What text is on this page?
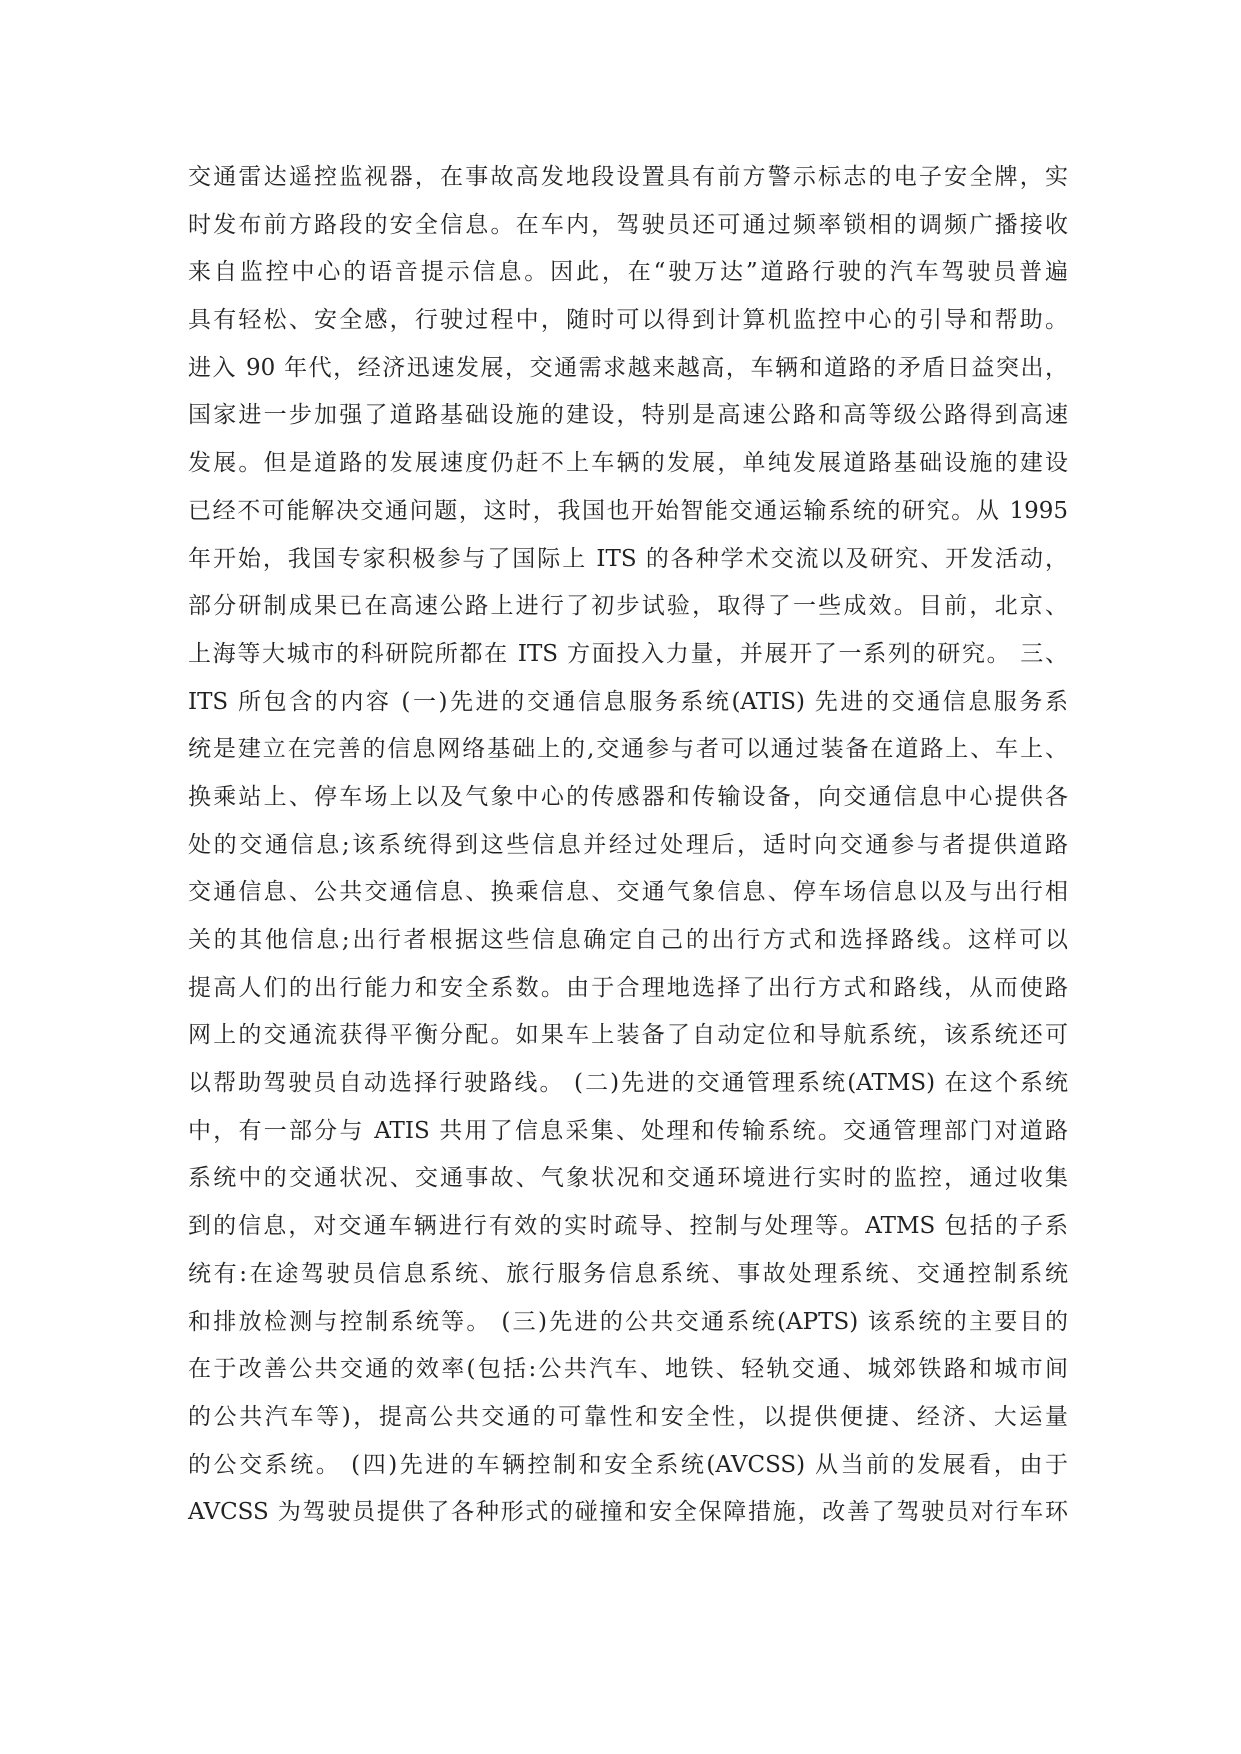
交通雷达遥控监视器，在事故高发地段设置具有前方警示标志的电子安全牌，实
时发布前方路段的安全信息。在车内，驾驶员还可通过频率锁相的调频广播接收
来自监控中心的语音提示信息。因此，在“驶万达”道路行驶的汽车驾驶员普遍
具有轻松、安全感，行驶过程中，随时可以得到计算机监控中心的引导和帮助。
进入 90 年代，经济迅速发展，交通需求越来越高，车辆和道路的矛盾日益突出，
国家进一步加强了道路基础设施的建设，特别是高速公路和高等级公路得到高速
发展。但是道路的发展速度仍赶不上车辆的发展，单纯发展道路基础设施的建设
已经不可能解决交通问题，这时，我国也开始智能交通运输系统的研究。从 1995
年开始，我国专家积极参与了国际上 ITS 的各种学术交流以及研究、开发活动，
部分研制成果已在高速公路上进行了初步试验，取得了一些成效。目前，北京、
上海等大城市的科研院所都在 ITS 方面投入力量，并展开了一系列的研究。 三、
ITS 所包含的内容 (一)先进的交通信息服务系统(ATIS) 先进的交通信息服务系
统是建立在完善的信息网络基础上的,交通参与者可以通过装备在道路上、车上、
换乘站上、停车场上以及气象中心的传感器和传输设备，向交通信息中心提供各
处的交通信息;该系统得到这些信息并经过处理后，适时向交通参与者提供道路
交通信息、公共交通信息、换乘信息、交通气象信息、停车场信息以及与出行相
关的其他信息;出行者根据这些信息确定自己的出行方式和选择路线。这样可以
提高人们的出行能力和安全系数。由于合理地选择了出行方式和路线，从而使路
网上的交通流获得平衡分配。如果车上装备了自动定位和导航系统，该系统还可
以帮助驾驶员自动选择行驶路线。 (二)先进的交通管理系统(ATMS) 在这个系统
中，有一部分与 ATIS 共用了信息采集、处理和传输系统。交通管理部门对道路
系统中的交通状况、交通事故、气象状况和交通环境进行实时的监控，通过收集
到的信息，对交通车辆进行有效的实时疏导、控制与处理等。ATMS 包括的子系
统有:在途驾驶员信息系统、旅行服务信息系统、事故处理系统、交通控制系统
和排放检测与控制系统等。 (三)先进的公共交通系统(APTS) 该系统的主要目的
在于改善公共交通的效率(包括:公共汽车、地铁、轻轨交通、城郊铁路和城市间
的公共汽车等)，提高公共交通的可靠性和安全性，以提供便捷、经济、大运量
的公交系统。 (四)先进的车辆控制和安全系统(AVCSS) 从当前的发展看，由于
AVCSS 为驾驶员提供了各种形式的碰撞和安全保障措施，改善了驾驶员对行车环
